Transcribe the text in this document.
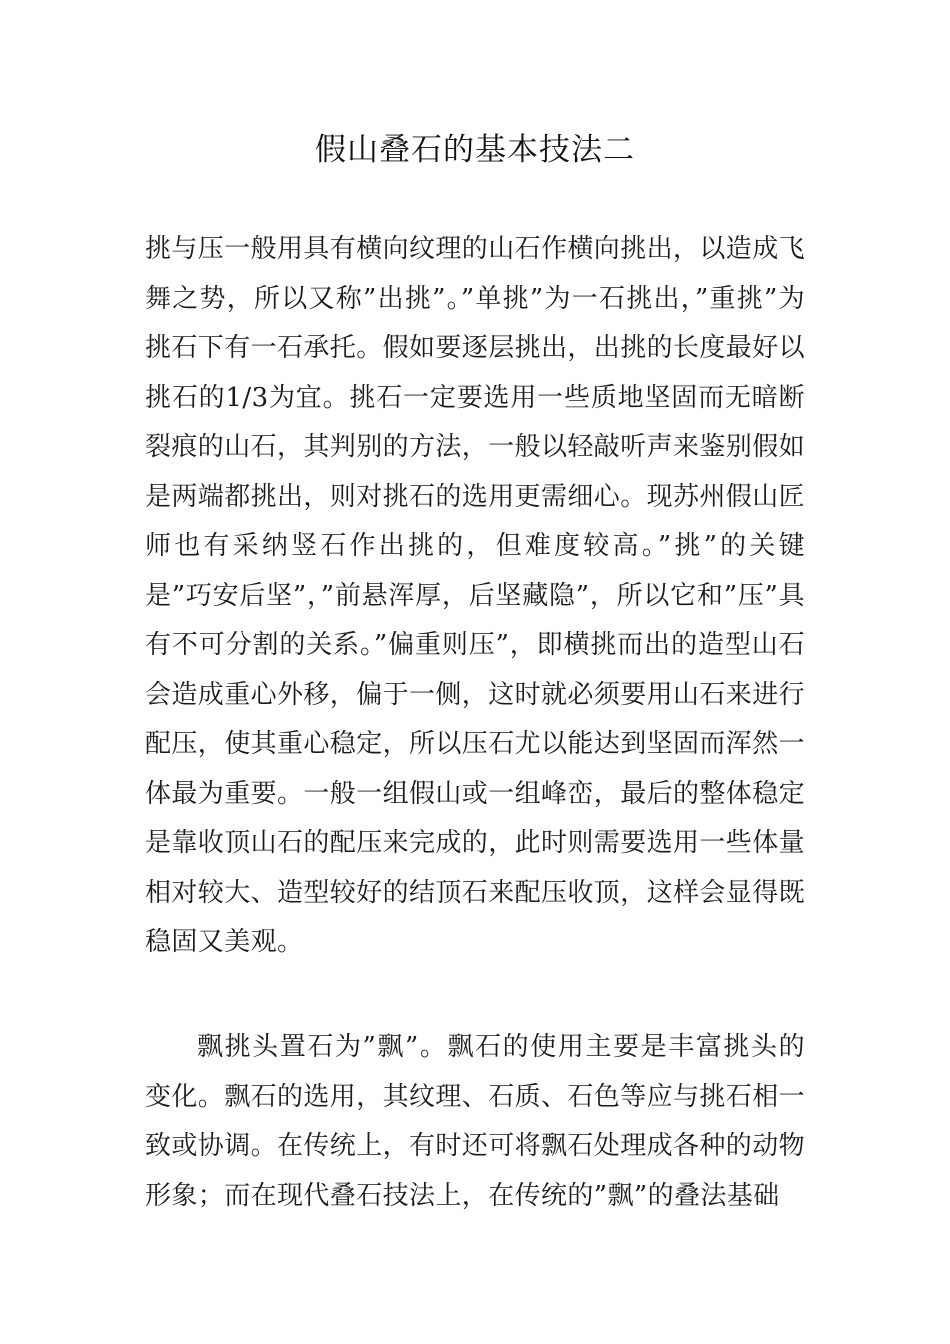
假山叠石的基本技法二

挑与压一般用具有横向纹理的山石作横向挑出，以造成飞舞之势，所以又称”出挑”。”单挑”为一石挑出，”重挑”为挑石下有一石承托。假如要逐层挑出，出挑的长度最好以挑石的1/3为宜。挑石一定要选用一些质地坚固而无暗断裂痕的山石，其判别的方法，一般以轻敲听声来鉴别假如是两端都挑出，则对挑石的选用更需细心。现苏州假山匠师也有采纳竖石作出挑的，但难度较高。”挑”的关键是”巧安后坚”，”前悬浑厚，后坚藏隐”，所以它和”压”具有不可分割的关系。”偏重则压”，即横挑而出的造型山石会造成重心外移，偏于一侧，这时就必须要用山石来进行配压，使其重心稳定，所以压石尤以能达到坚固而浑然一体最为重要。一般一组假山或一组峰峦，最后的整体稳定是靠收顶山石的配压来完成的，此时则需要选用一些体量相对较大、造型较好的结顶石来配压收顶，这样会显得既稳固又美观。

飘挑头置石为”飘”。飘石的使用主要是丰富挑头的变化。飘石的选用，其纹理、石质、石色等应与挑石相一致或协调。在传统上，有时还可将飘石处理成各种的动物形象；而在现代叠石技法上，在传统的”飘”的叠法基础
